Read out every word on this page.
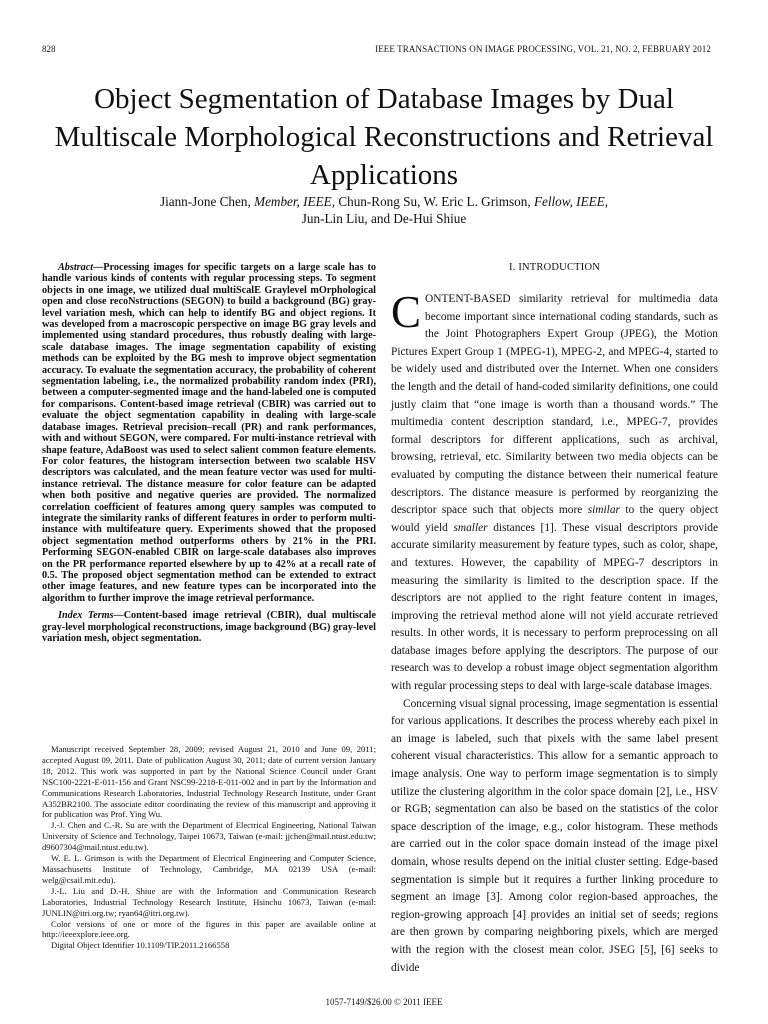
828	IEEE TRANSACTIONS ON IMAGE PROCESSING, VOL. 21, NO. 2, FEBRUARY 2012
Object Segmentation of Database Images by Dual Multiscale Morphological Reconstructions and Retrieval Applications
Jiann-Jone Chen, Member, IEEE, Chun-Rong Su, W. Eric L. Grimson, Fellow, IEEE,
Jun-Lin Liu, and De-Hui Shiue

Abstract—Processing images for specific targets on a large scale has to handle various kinds of contents with regular processing steps. To segment objects in one image, we utilized dual multiScalE Graylevel mOrphological open and close recoNstructions (SEGON) to build a background (BG) gray-level variation mesh, which can help to identify BG and object regions. It was developed from a macroscopic perspective on image BG gray levels and implemented using standard procedures, thus robustly dealing with large-scale database images. The image segmentation capability of existing methods can be exploited by the BG mesh to improve object segmentation accuracy. To evaluate the segmentation accuracy, the probability of coherent segmentation labeling, i.e., the normalized probability random index (PRI), between a computer-segmented image and the hand-labeled one is computed for comparisons. Content-based image retrieval (CBIR) was carried out to evaluate the object segmentation capability in dealing with large-scale database images. Retrieval precision–recall (PR) and rank performances, with and without SEGON, were compared. For multi-instance retrieval with shape feature, AdaBoost was used to select salient common feature elements. For color features, the histogram intersection between two scalable HSV descriptors was calculated, and the mean feature vector was used for multi-instance retrieval. The distance measure for color feature can be adapted when both positive and negative queries are provided. The normalized correlation coefficient of features among query samples was computed to integrate the similarity ranks of different features in order to perform multi-instance with multifeature query. Experiments showed that the proposed object segmentation method outperforms others by 21% in the PRI. Performing SEGON-enabled CBIR on large-scale databases also improves on the PR performance reported elsewhere by up to 42% at a recall rate of 0.5. The proposed object segmentation method can be extended to extract other image features, and new feature types can be incorporated into the algorithm to further improve the image retrieval performance.

Index Terms—Content-based image retrieval (CBIR), dual multiscale gray-level morphological reconstructions, image background (BG) gray-level variation mesh, object segmentation.

Manuscript received September 28, 2009; revised August 21, 2010 and June 09, 2011; accepted August 09, 2011. Date of publication August 30, 2011; date of current version January 18, 2012. This work was supported in part by the National Science Council under Grant NSC100-2221-E-011-156 and Grant NSC99-2218-E-011-002 and in part by the Information and Communications Research Laboratories, Industrial Technology Research Institute, under Grant A352BR2100. The associate editor coordinating the review of this manuscript and approving it for publication was Prof. Ying Wu.

J.-J. Chen and C.-R. Su are with the Department of Electrical Engineering, National Taiwan University of Science and Technology, Taipei 10673, Taiwan (e-mail: jjchen@mail.ntust.edu.tw; d9607304@mail.ntust.edu.tw).

W. E. L. Grimson is with the Department of Electrical Engineering and Computer Science, Massachusetts Institute of Technology, Cambridge, MA 02139 USA (e-mail: welg@csail.mit.edu).

J.-L. Liu and D.-H. Shiue are with the Information and Communication Research Laboratories, Industrial Technology Research Institute, Hsinchu 10673, Taiwan (e-mail: JUNLIN@itri.org.tw; ryan64@itri.org.tw).

Color versions of one or more of the figures in this paper are available online at http://ieeexplore.ieee.org.

Digital Object Identifier 10.1109/TIP.2011.2166558

I. INTRODUCTION

CONTENT-BASED similarity retrieval for multimedia data become important since international coding standards, such as the Joint Photographers Expert Group (JPEG), the Motion Pictures Expert Group 1 (MPEG-1), MPEG-2, and MPEG-4, started to be widely used and distributed over the Internet. When one considers the length and the detail of hand-coded similarity definitions, one could justly claim that “one image is worth than a thousand words.” The multimedia content description standard, i.e., MPEG-7, provides formal descriptors for different applications, such as archival, browsing, retrieval, etc. Similarity between two media objects can be evaluated by computing the distance between their numerical feature descriptors. The distance measure is performed by reorganizing the descriptor space such that objects more similar to the query object would yield smaller distances [1]. These visual descriptors provide accurate similarity measurement by feature types, such as color, shape, and textures. However, the capability of MPEG-7 descriptors in measuring the similarity is limited to the description space. If the descriptors are not applied to the right feature content in images, improving the retrieval method alone will not yield accurate retrieved results. In other words, it is necessary to perform preprocessing on all database images before applying the descriptors. The purpose of our research was to develop a robust image object segmentation algorithm with regular processing steps to deal with large-scale database images.

Concerning visual signal processing, image segmentation is essential for various applications. It describes the process whereby each pixel in an image is labeled, such that pixels with the same label present coherent visual characteristics. This allow for a semantic approach to image analysis. One way to perform image segmentation is to simply utilize the clustering algorithm in the color space domain [2], i.e., HSV or RGB; segmentation can also be based on the statistics of the color space description of the image, e.g., color histogram. These methods are carried out in the color space domain instead of the image pixel domain, whose results depend on the initial cluster setting. Edge-based segmentation is simple but it requires a further linking procedure to segment an image [3]. Among color region-based approaches, the region-growing approach [4] provides an initial set of seeds; regions are then grown by comparing neighboring pixels, which are merged with the region with the closest mean color. JSEG [5], [6] seeks to divide

1057-7149/$26.00 © 2011 IEEE
